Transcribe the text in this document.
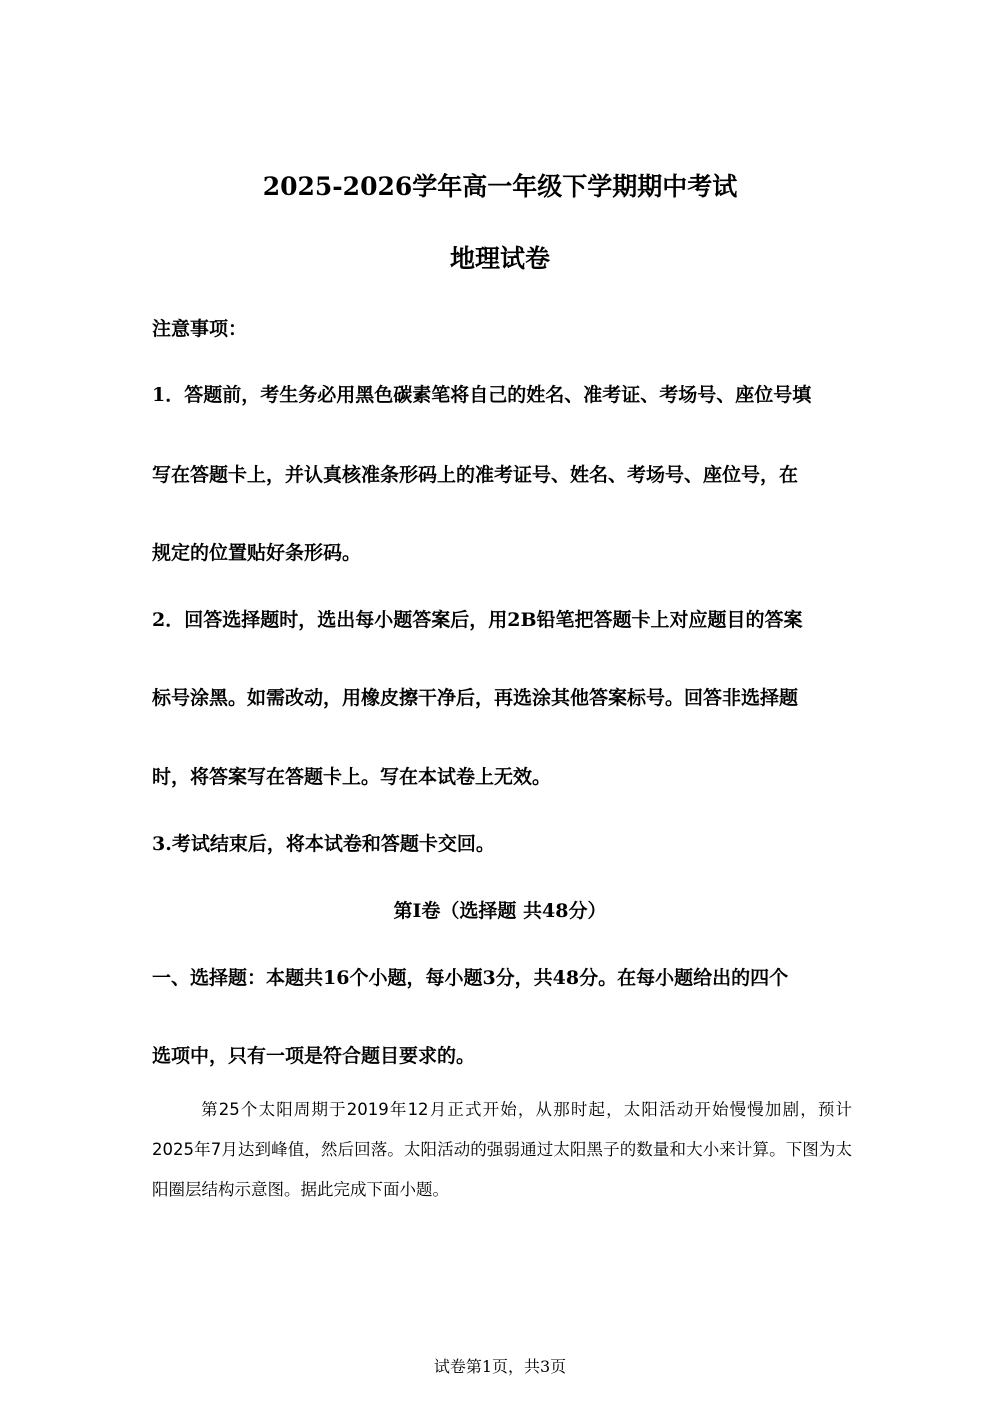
2025-2026学年高一年级下学期期中考试
地理试卷
注意事项：
1．答题前，考生务必用黑色碳素笔将自己的姓名、准考证、考场号、座位号填
写在答题卡上，并认真核准条形码上的准考证号、姓名、考场号、座位号，在
规定的位置贴好条形码。
2．回答选择题时，选出每小题答案后，用2B铅笔把答题卡上对应题目的答案
标号涂黑。如需改动，用橡皮擦干净后，再选涂其他答案标号。回答非选择题
时，将答案写在答题卡上。写在本试卷上无效。
3.考试结束后，将本试卷和答题卡交回。
第I卷（选择题 共48分）
一、选择题：本题共16个小题，每小题3分，共48分。在每小题给出的四个
选项中，只有一项是符合题目要求的。
第25个太阳周期于2019年12月正式开始，从那时起，太阳活动开始慢慢加剧，预计2025年7月达到峰值，然后回落。太阳活动的强弱通过太阳黑子的数量和大小来计算。下图为太阳圈层结构示意图。据此完成下面小题。
试卷第1页，共3页
